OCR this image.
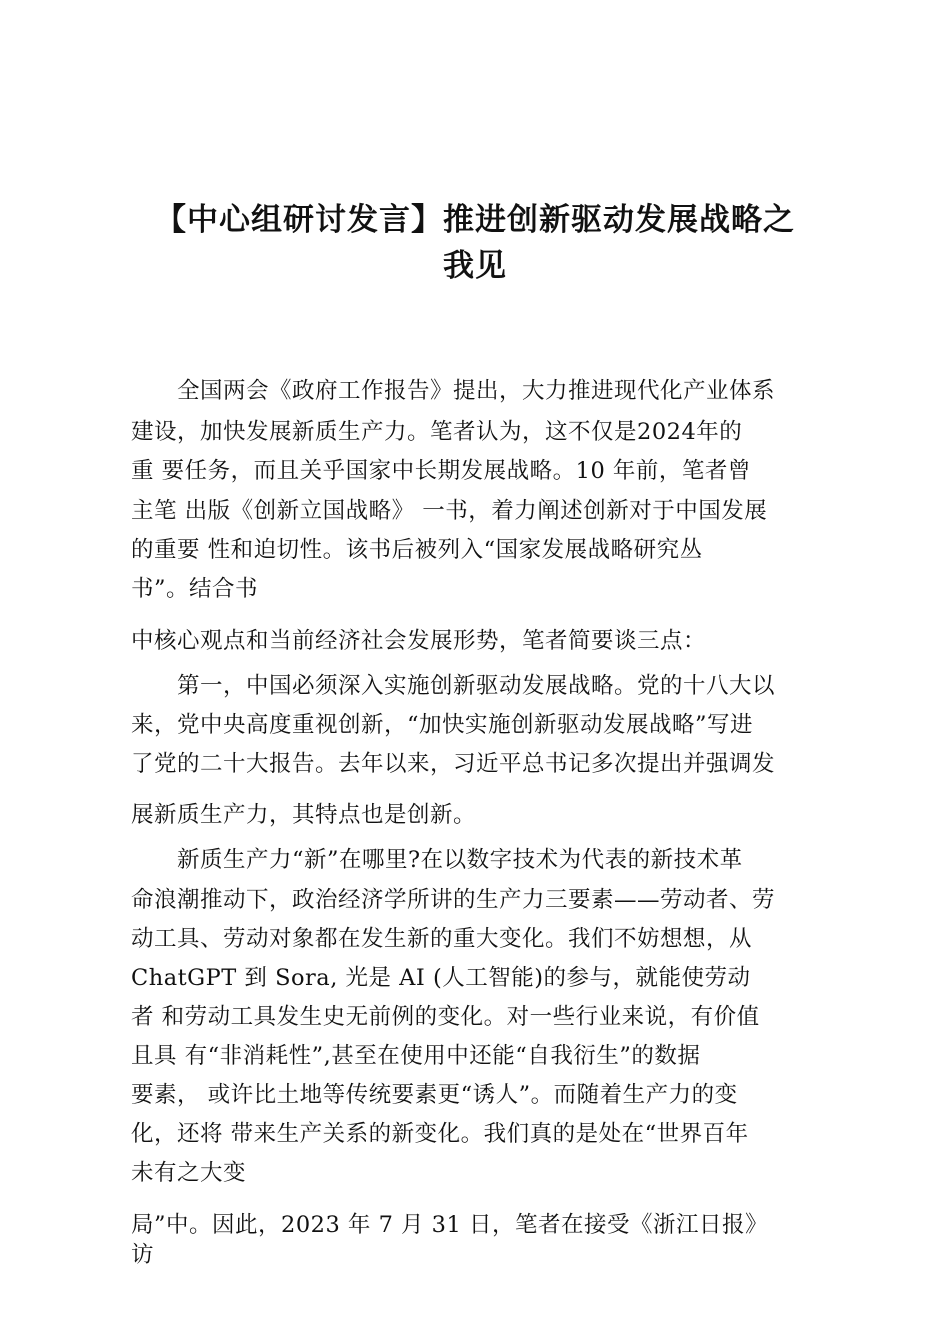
【中心组研讨发言】推进创新驱动发展战略之
我见
　　全国两会《政府工作报告》提出，大力推进现代化产业体系
建设，加快发展新质生产力。笔者认为，这不仅是2024年的
重 要任务，而且关乎国家中长期发展战略。10 年前，笔者曾
主笔 出版《创新立国战略》 一书，着力阐述创新对于中国发展
的重要 性和迫切性。该书后被列入“国家发展战略研究丛
书”。结合书
中核心观点和当前经济社会发展形势，笔者简要谈三点：
　　第一，中国必须深入实施创新驱动发展战略。党的十八大以
来，党中央高度重视创新，“加快实施创新驱动发展战略”写进
了党的二十大报告。去年以来，习近平总书记多次提出并强调发
展新质生产力，其特点也是创新。
　　新质生产力“新”在哪里?在以数字技术为代表的新技术革
命浪潮推动下，政治经济学所讲的生产力三要素——劳动者、劳
动工具、劳动对象都在发生新的重大变化。我们不妨想想，从
ChatGPT 到 Sora, 光是 AI (人工智能)的参与，就能使劳动
者 和劳动工具发生史无前例的变化。对一些行业来说，有价值
且具 有“非消耗性”,甚至在使用中还能“自我衍生”的数据
要素， 或许比土地等传统要素更“诱人”。而随着生产力的变
化，还将 带来生产关系的新变化。我们真的是处在“世界百年
未有之大变
局”中。因此，2023 年 7 月 31 日，笔者在接受《浙江日报》
访
